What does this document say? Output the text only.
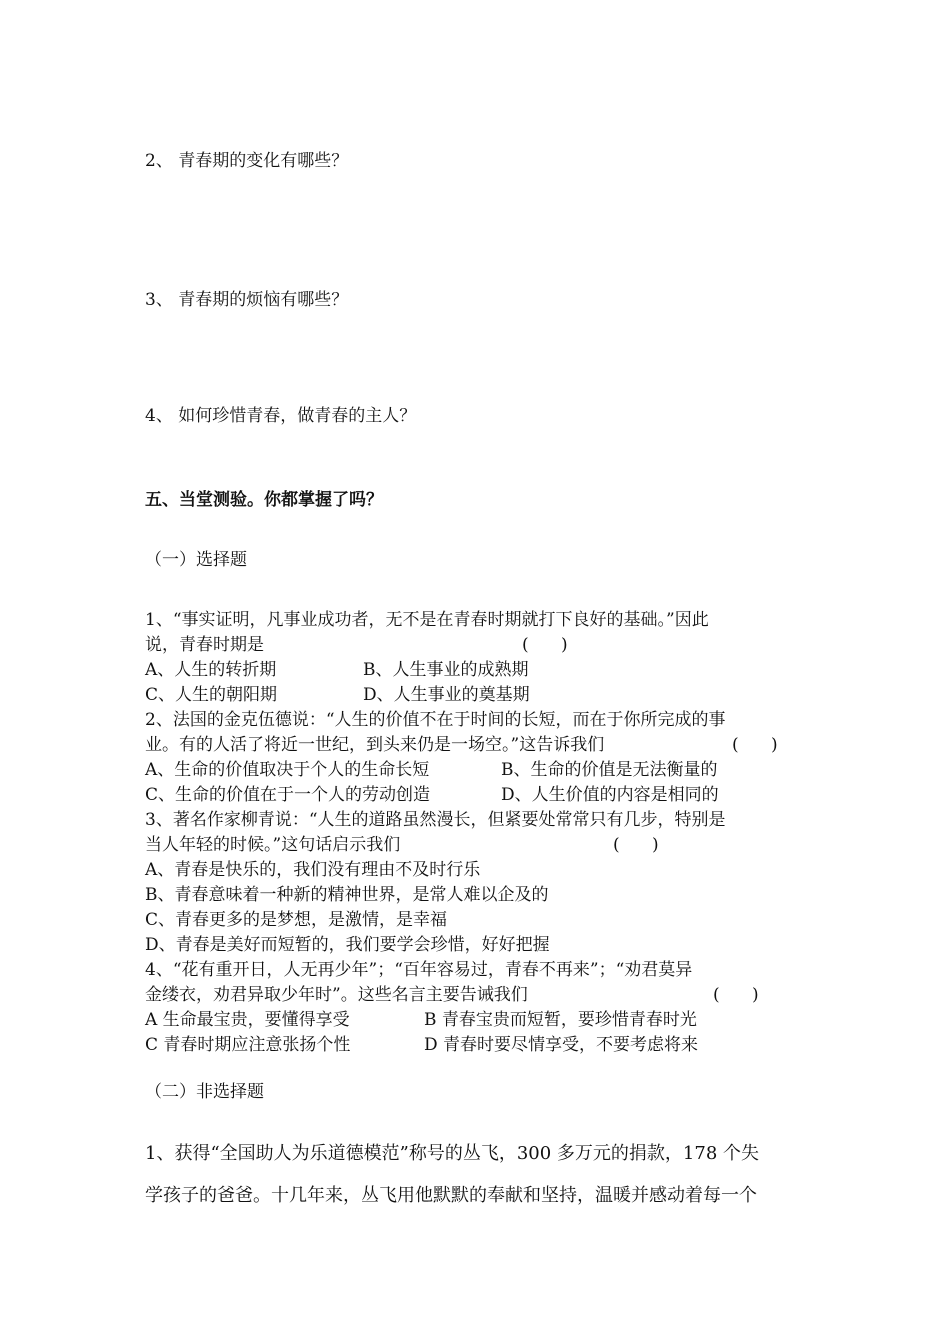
2、 青春期的变化有哪些？
3、 青春期的烦恼有哪些？
4、 如何珍惜青春，做青春的主人？
五、当堂测验。你都掌握了吗？
（一）选择题
1、“事实证明，凡事业成功者，无不是在青春时期就打下良好的基础。”因此
说，青春时期是	(      )
A、人生的转折期	B、人生事业的成熟期
C、人生的朝阳期	D、人生事业的奠基期
2、法国的金克伍德说：“人生的价值不在于时间的长短，而在于你所完成的事
业。有的人活了将近一世纪，到头来仍是一场空。”这告诉我们	(      )
A、生命的价值取决于个人的生命长短	B、生命的价值是无法衡量的
C、生命的价值在于一个人的劳动创造	D、人生价值的内容是相同的
3、著名作家柳青说：“人生的道路虽然漫长，但紧要处常常只有几步，特别是
当人年轻的时候。”这句话启示我们	(      )
A、青春是快乐的，我们没有理由不及时行乐
B、青春意味着一种新的精神世界，是常人难以企及的
C、青春更多的是梦想，是激情，是幸福
D、青春是美好而短暂的，我们要学会珍惜，好好把握
4、“花有重开日，人无再少年”；“百年容易过，青春不再来”；“劝君莫异
金缕衣，劝君异取少年时”。这些名言主要告诫我们	(      )
A 生命最宝贵，要懂得享受	B 青春宝贵而短暂，要珍惜青春时光
C 青春时期应注意张扬个性	D 青春时要尽情享受，不要考虑将来
（二）非选择题
1、获得“全国助人为乐道德模范”称号的丛飞，300 多万元的捐款，178 个失
学孩子的爸爸。十几年来，丛飞用他默默的奉献和坚持，温暖并感动着每一个
